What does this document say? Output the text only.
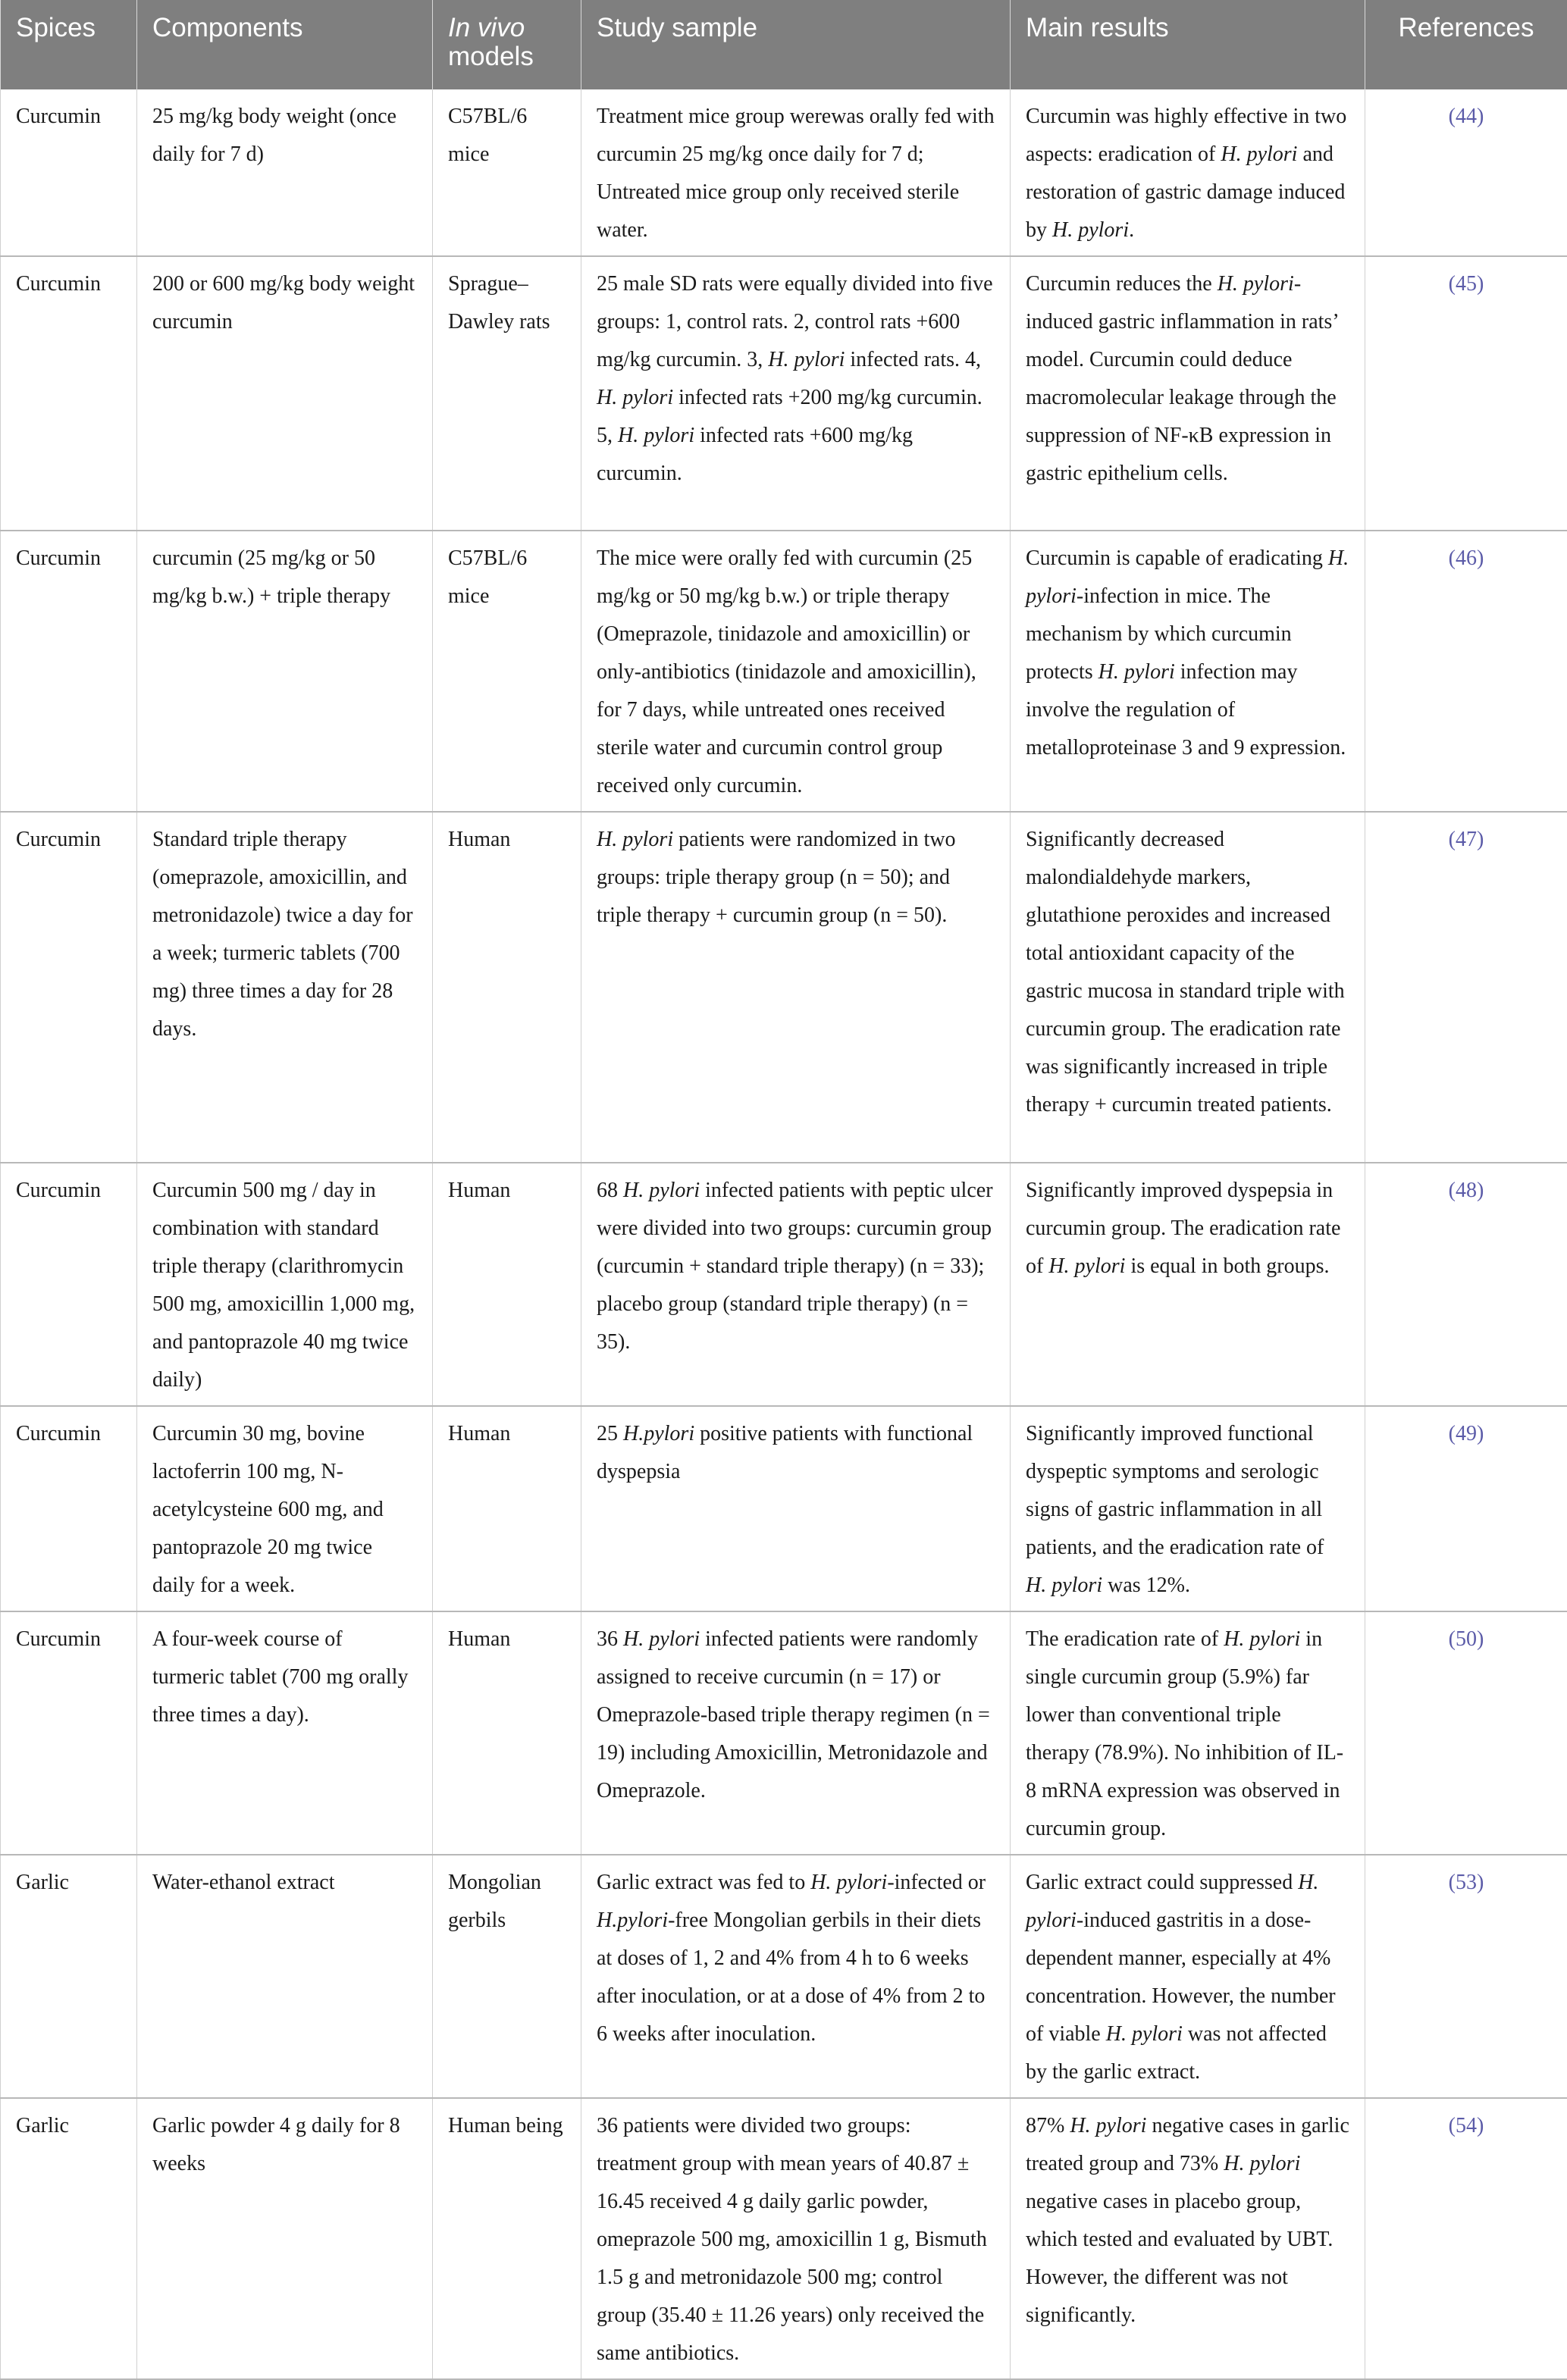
Spices	Components	In vivo models	Study sample	Main results	References
Curcumin	25 mg/kg body weight (once daily for 7 d)	C57BL/6 mice	Treatment mice group werewas orally fed with curcumin 25 mg/kg once daily for 7 d; Untreated mice group only received sterile water.	Curcumin was highly effective in two aspects: eradication of H. pylori and restoration of gastric damage induced by H. pylori.	(44)
Curcumin	200 or 600 mg/kg body weight curcumin	Sprague–Dawley rats	25 male SD rats were equally divided into five groups: 1, control rats. 2, control rats +600 mg/kg curcumin. 3, H. pylori infected rats. 4, H. pylori infected rats +200 mg/kg curcumin. 5, H. pylori infected rats +600 mg/kg curcumin.	Curcumin reduces the H. pylori-induced gastric inflammation in rats’ model. Curcumin could deduce macromolecular leakage through the suppression of NF-κB expression in gastric epithelium cells.	(45)
Curcumin	curcumin (25 mg/kg or 50 mg/kg b.w.) + triple therapy	C57BL/6 mice	The mice were orally fed with curcumin (25 mg/kg or 50 mg/kg b.w.) or triple therapy (Omeprazole, tinidazole and amoxicillin) or only-antibiotics (tinidazole and amoxicillin), for 7 days, while untreated ones received sterile water and curcumin control group received only curcumin.	Curcumin is capable of eradicating H. pylori-infection in mice. The mechanism by which curcumin protects H. pylori infection may involve the regulation of metalloproteinase 3 and 9 expression.	(46)
Curcumin	Standard triple therapy (omeprazole, amoxicillin, and metronidazole) twice a day for a week; turmeric tablets (700 mg) three times a day for 28 days.	Human	H. pylori patients were randomized in two groups: triple therapy group (n = 50); and triple therapy + curcumin group (n = 50).	Significantly decreased malondialdehyde markers, glutathione peroxides and increased total antioxidant capacity of the gastric mucosa in standard triple with curcumin group. The eradication rate was significantly increased in triple therapy + curcumin treated patients.	(47)
Curcumin	Curcumin 500 mg / day in combination with standard triple therapy (clarithromycin 500 mg, amoxicillin 1,000 mg, and pantoprazole 40 mg twice daily)	Human	68 H. pylori infected patients with peptic ulcer were divided into two groups: curcumin group (curcumin + standard triple therapy) (n = 33); placebo group (standard triple therapy) (n = 35).	Significantly improved dyspepsia in curcumin group. The eradication rate of H. pylori is equal in both groups.	(48)
Curcumin	Curcumin 30 mg, bovine lactoferrin 100 mg, N-acetylcysteine 600 mg, and pantoprazole 20 mg twice daily for a week.	Human	25 H.pylori positive patients with functional dyspepsia	Significantly improved functional dyspeptic symptoms and serologic signs of gastric inflammation in all patients, and the eradication rate of H. pylori was 12%.	(49)
Curcumin	A four-week course of turmeric tablet (700 mg orally three times a day).	Human	36 H. pylori infected patients were randomly assigned to receive curcumin (n = 17) or Omeprazole-based triple therapy regimen (n = 19) including Amoxicillin, Metronidazole and Omeprazole.	The eradication rate of H. pylori in single curcumin group (5.9%) far lower than conventional triple therapy (78.9%). No inhibition of IL-8 mRNA expression was observed in curcumin group.	(50)
Garlic	Water-ethanol extract	Mongolian gerbils	Garlic extract was fed to H. pylori-infected or H.pylori-free Mongolian gerbils in their diets at doses of 1, 2 and 4% from 4 h to 6 weeks after inoculation, or at a dose of 4% from 2 to 6 weeks after inoculation.	Garlic extract could suppressed H. pylori-induced gastritis in a dose-dependent manner, especially at 4% concentration. However, the number of viable H. pylori was not affected by the garlic extract.	(53)
Garlic	Garlic powder 4 g daily for 8 weeks	Human being	36 patients were divided two groups: treatment group with mean years of 40.87 ± 16.45 received 4 g daily garlic powder, omeprazole 500 mg, amoxicillin 1 g, Bismuth 1.5 g and metronidazole 500 mg; control group (35.40 ± 11.26 years) only received the same antibiotics.	87% H. pylori negative cases in garlic treated group and 73% H. pylori negative cases in placebo group, which tested and evaluated by UBT. However, the different was not significantly.	(54)
